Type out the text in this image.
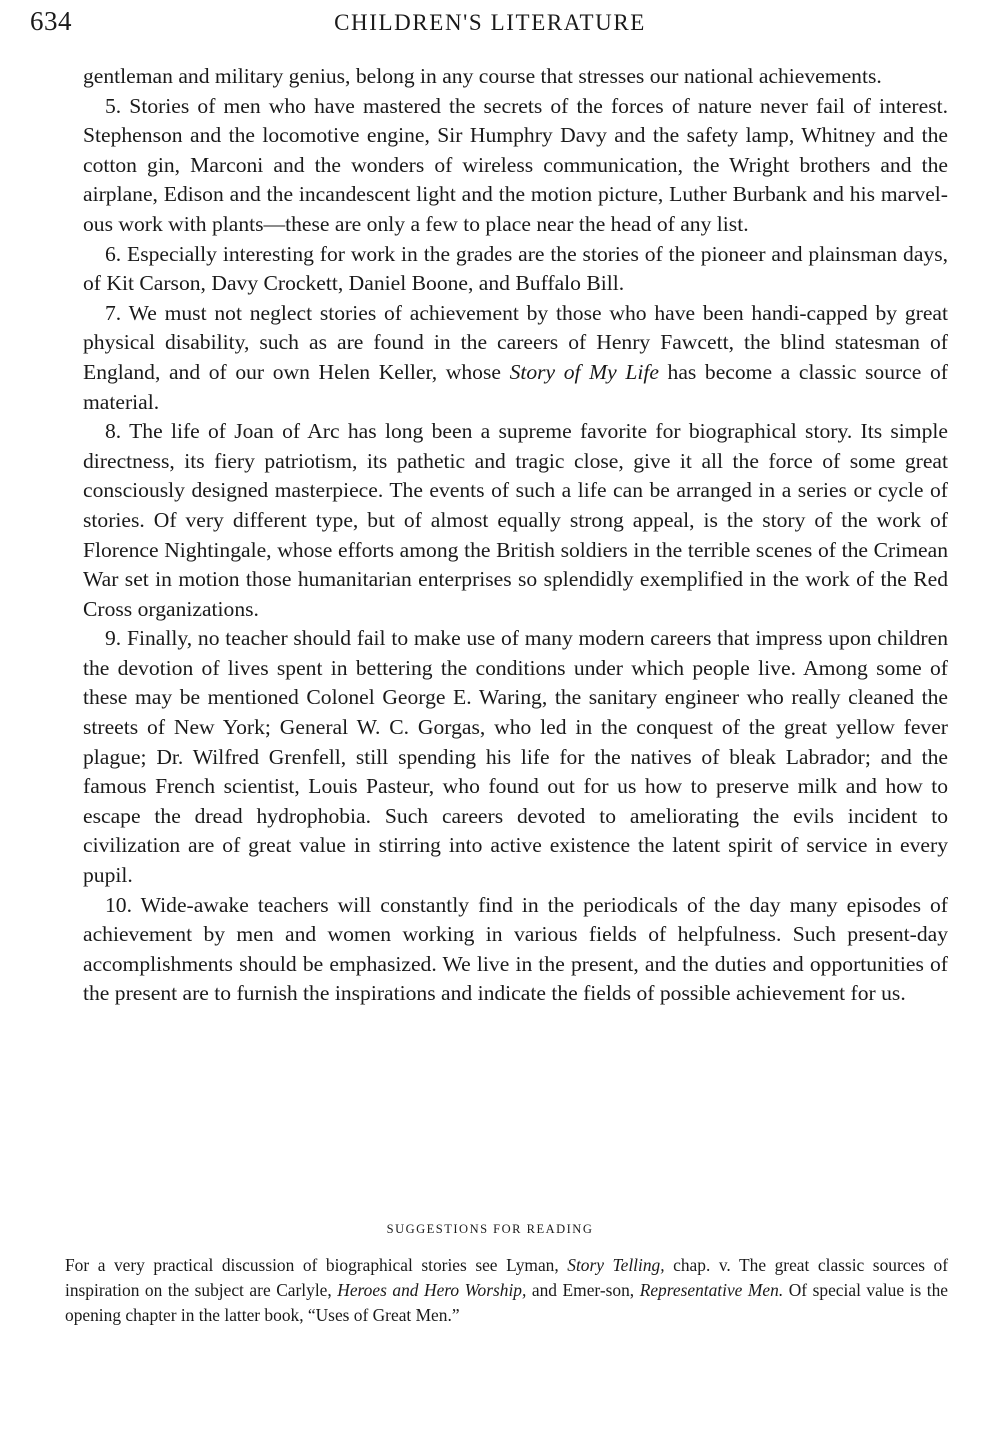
634	CHILDREN'S LITERATURE

gentleman and military genius, belong in any course that stresses our national achievements.

5. Stories of men who have mastered the secrets of the forces of nature never fail of interest. Stephenson and the locomotive engine, Sir Humphry Davy and the safety lamp, Whitney and the cotton gin, Marconi and the wonders of wireless communication, the Wright brothers and the airplane, Edison and the incandescent light and the motion picture, Luther Burbank and his marvel-ous work with plants—these are only a few to place near the head of any list.

6. Especially interesting for work in the grades are the stories of the pioneer and plainsman days, of Kit Carson, Davy Crockett, Daniel Boone, and Buffalo Bill.

7. We must not neglect stories of achievement by those who have been handi-capped by great physical disability, such as are found in the careers of Henry Fawcett, the blind statesman of England, and of our own Helen Keller, whose Story of My Life has become a classic source of material.

8. The life of Joan of Arc has long been a supreme favorite for biographical story. Its simple directness, its fiery patriotism, its pathetic and tragic close, give it all the force of some great consciously designed masterpiece. The events of such a life can be arranged in a series or cycle of stories. Of very different type, but of almost equally strong appeal, is the story of the work of Florence Nightingale, whose efforts among the British soldiers in the terrible scenes of the Crimean War set in motion those humanitarian enterprises so splendidly exemplified in the work of the Red Cross organizations.

9. Finally, no teacher should fail to make use of many modern careers that impress upon children the devotion of lives spent in bettering the conditions under which people live. Among some of these may be mentioned Colonel George E. Waring, the sanitary engineer who really cleaned the streets of New York; General W. C. Gorgas, who led in the conquest of the great yellow fever plague; Dr. Wilfred Grenfell, still spending his life for the natives of bleak Labrador; and the famous French scientist, Louis Pasteur, who found out for us how to preserve milk and how to escape the dread hydrophobia. Such careers devoted to ameliorating the evils incident to civilization are of great value in stirring into active existence the latent spirit of service in every pupil.

10. Wide-awake teachers will constantly find in the periodicals of the day many episodes of achievement by men and women working in various fields of helpfulness. Such present-day accomplishments should be emphasized. We live in the present, and the duties and opportunities of the present are to furnish the inspirations and indicate the fields of possible achievement for us.

SUGGESTIONS FOR READING

For a very practical discussion of biographical stories see Lyman, Story Telling, chap. v. The great classic sources of inspiration on the subject are Carlyle, Heroes and Hero Worship, and Emer-son, Representative Men. Of special value is the opening chapter in the latter book, “Uses of Great Men.”
